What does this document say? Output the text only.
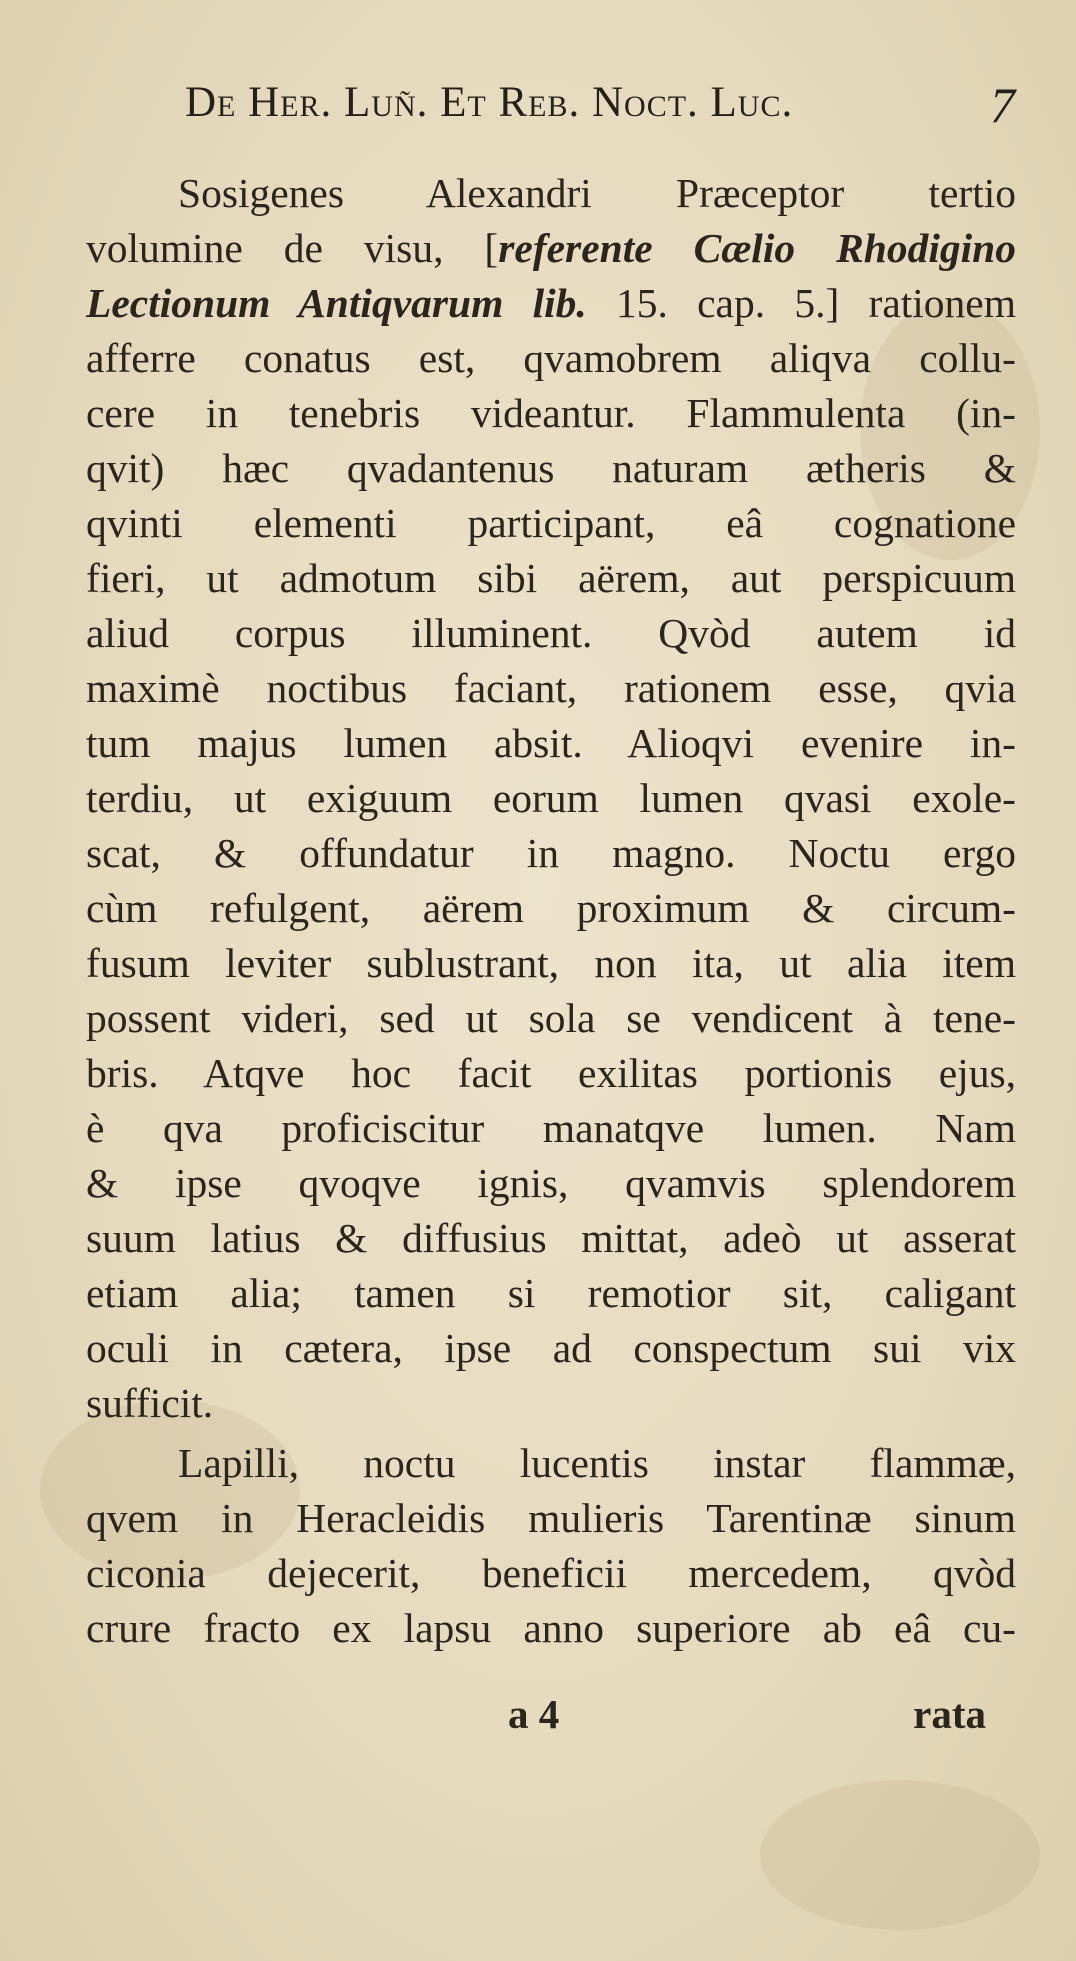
De Her. Luñ. Et Reb. Noct. Luc.	7
Sosigenes Alexandri Præceptor tertio
volumine de visu, [referente Cælio Rhodigino
Lectionum Antiqvarum lib. 15. cap. 5.] rationem
afferre conatus est, qvamobrem aliqva collu-
cere in tenebris videantur. Flammulenta (in-
qvit) hæc qvadantenus naturam ætheris &
qvinti elementi participant, eâ cognatione
fieri, ut admotum sibi aërem, aut perspicuum
aliud corpus illuminent. Qvòd autem id
maximè noctibus faciant, rationem esse, qvia
tum majus lumen absit. Alioqvi evenire in-
terdiu, ut exiguum eorum lumen qvasi exole-
scat, & offundatur in magno. Noctu ergo
cùm refulgent, aërem proximum & circum-
fusum leviter sublustrant, non ita, ut alia item
possent videri, sed ut sola se vendicent à tene-
bris. Atqve hoc facit exilitas portionis ejus,
è qva proficiscitur manatqve lumen. Nam
& ipse qvoqve ignis, qvamvis splendorem
suum latius & diffusius mittat, adeò ut asserat
etiam alia; tamen si remotior sit, caligant
oculi in cætera, ipse ad conspectum sui vix
sufficit.
Lapilli, noctu lucentis instar flammæ,
qvem in Heracleidis mulieris Tarentinæ sinum
ciconia dejecerit, beneficii mercedem, qvòd
crure fracto ex lapsu anno superiore ab eâ cu-
a 4	rata
